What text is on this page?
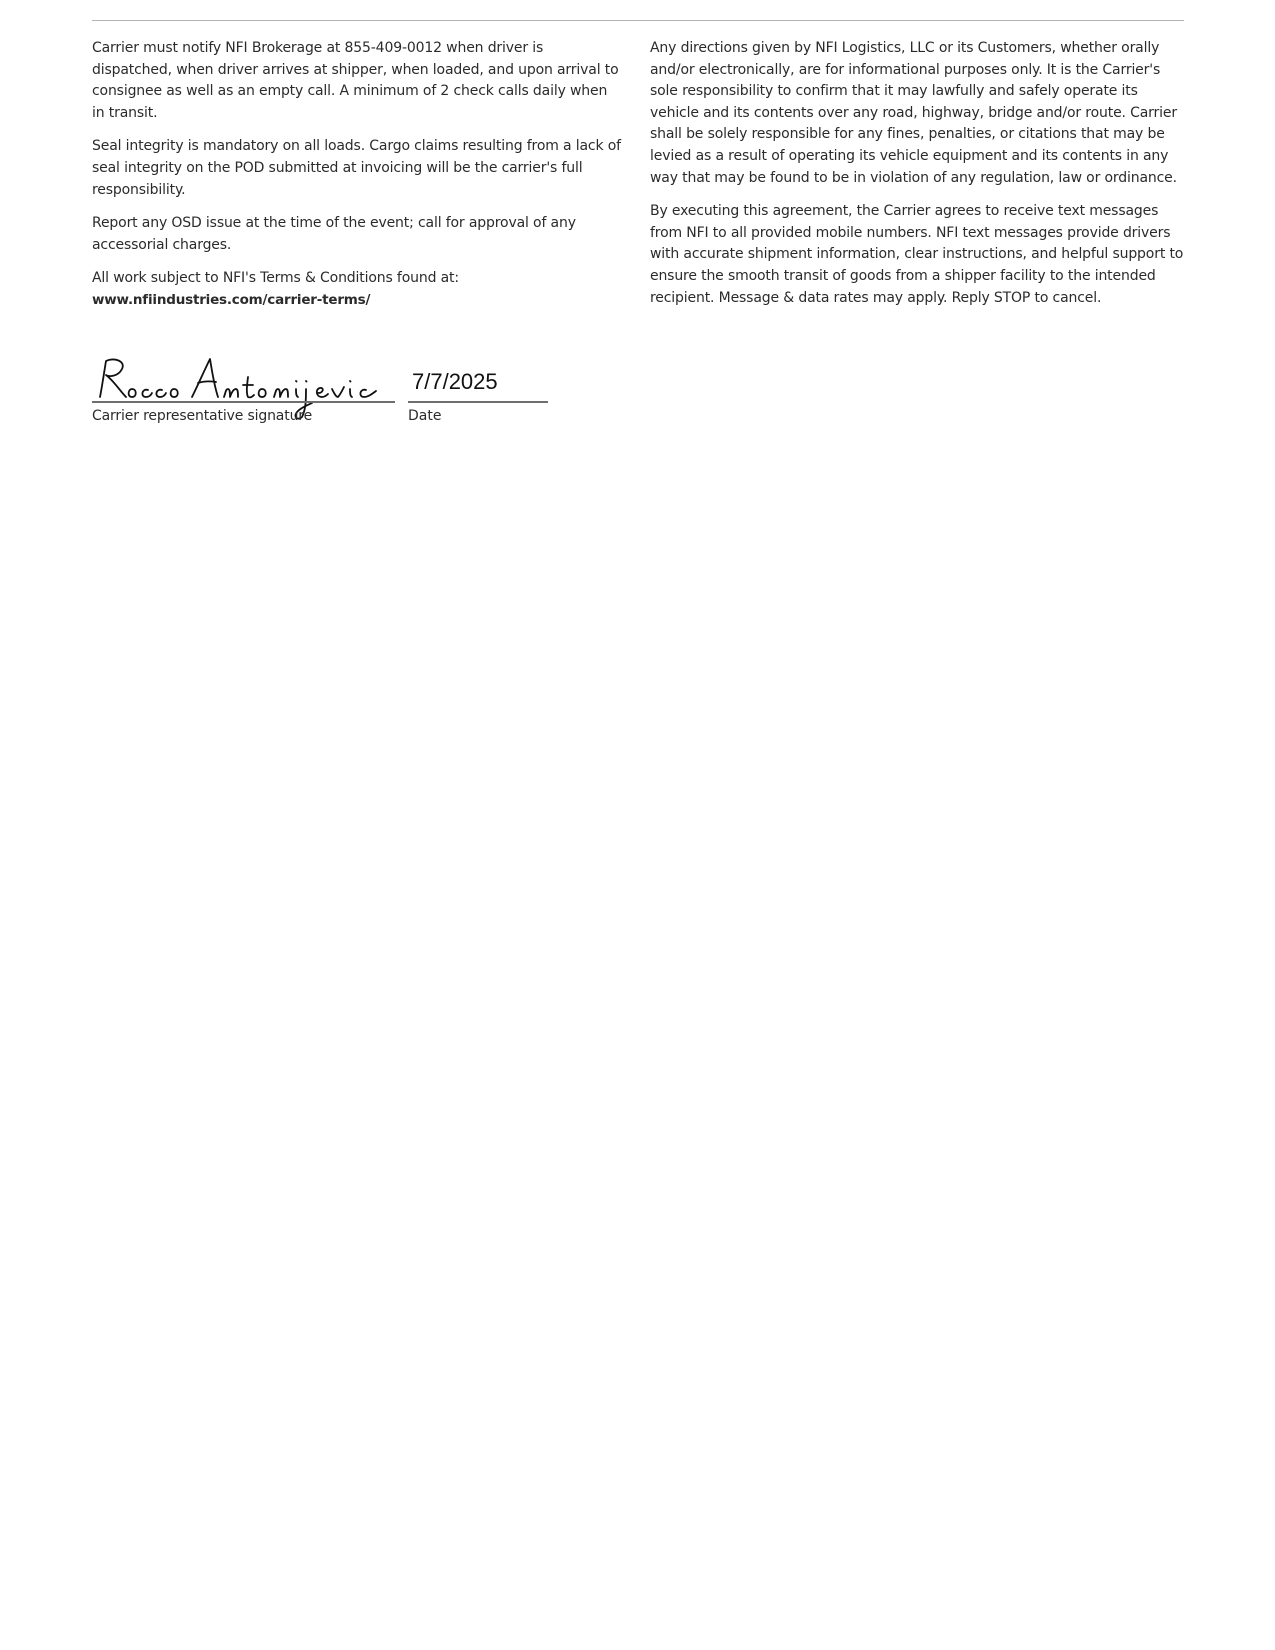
Carrier must notify NFI Brokerage at 855-409-0012 when driver is dispatched, when driver arrives at shipper, when loaded, and upon arrival to consignee as well as an empty call. A minimum of 2 check calls daily when in transit.

Seal integrity is mandatory on all loads. Cargo claims resulting from a lack of seal integrity on the POD submitted at invoicing will be the carrier's full responsibility.

Report any OSD issue at the time of the event; call for approval of any accessorial charges.

All work subject to NFI's Terms & Conditions found at:
www.nfiindustries.com/carrier-terms/

Any directions given by NFI Logistics, LLC or its Customers, whether orally and/or electronically, are for informational purposes only. It is the Carrier's sole responsibility to confirm that it may lawfully and safely operate its vehicle and its contents over any road, highway, bridge and/or route. Carrier shall be solely responsible for any fines, penalties, or citations that may be levied as a result of operating its vehicle equipment and its contents in any way that may be found to be in violation of any regulation, law or ordinance.

By executing this agreement, the Carrier agrees to receive text messages from NFI to all provided mobile numbers. NFI text messages provide drivers with accurate shipment information, clear instructions, and helpful support to ensure the smooth transit of goods from a shipper facility to the intended recipient. Message & data rates may apply. Reply STOP to cancel.

Carrier representative signature
7/7/2025
Date
